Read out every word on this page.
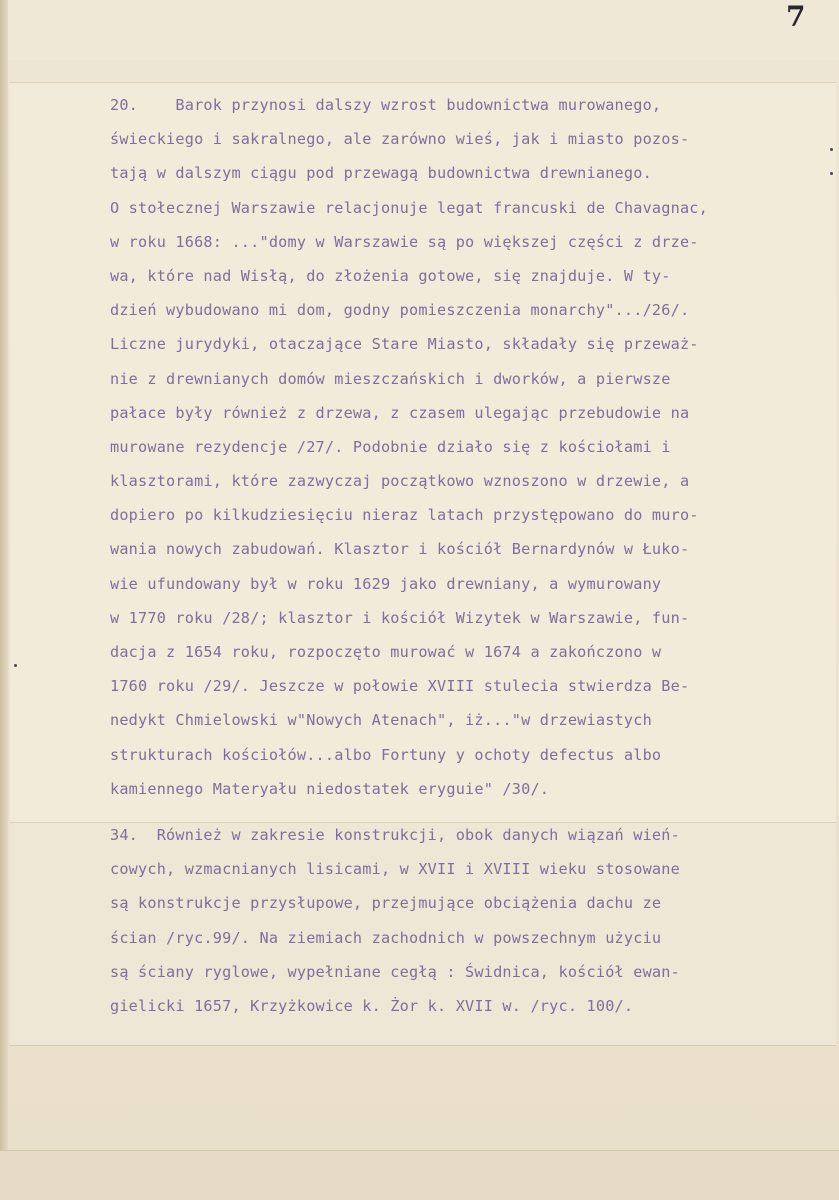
7

20.    Barok przynosi dalszy wzrost budownictwa murowanego,
świeckiego i sakralnego, ale zarówno wieś, jak i miasto pozos-
tają w dalszym ciągu pod przewagą budownictwa drewnianego.
O stołecznej Warszawie relacjonuje legat francuski de Chavagnac,
w roku 1668: ..."domy w Warszawie są po większej części z drze-
wa, które nad Wisłą, do złożenia gotowe, się znajduje. W ty-
dzień wybudowano mi dom, godny pomieszczenia monarchy".../26/.
Liczne jurydyki, otaczające Stare Miasto, składały się przeważ-
nie z drewnianych domów mieszczańskich i dworków, a pierwsze
pałace były również z drzewa, z czasem ulegając przebudowie na
murowane rezydencje /27/. Podobnie działo się z kościołami i
klasztorami, które zazwyczaj początkowo wznoszono w drzewie, a
dopiero po kilkudziesięciu nieraz latach przystępowano do muro-
wania nowych zabudowań. Klasztor i kościół Bernardynów w Łuko-
wie ufundowany był w roku 1629 jako drewniany, a wymurowany
w 1770 roku /28/; klasztor i kościół Wizytek w Warszawie, fun-
dacja z 1654 roku, rozpoczęto murować w 1674 a zakończono w
1760 roku /29/. Jeszcze w połowie XVIII stulecia stwierdza Be-
nedykt Chmielowski w"Nowych Atenach", iż..."w drzewiastych
strukturach kościołów...albo Fortuny y ochoty defectus albo
kamiennego Materyału niedostatek eryguie" /30/.
34.  Również w zakresie konstrukcji, obok danych wiązań wień-
cowych, wzmacnianych lisicami, w XVII i XVIII wieku stosowane
są konstrukcje przysłupowe, przejmujące obciążenia dachu ze
ścian /ryc.99/. Na ziemiach zachodnich w powszechnym użyciu
są ściany ryglowe, wypełniane cegłą : Świdnica, kościół ewan-
gielicki 1657, Krzyżkowice k. Żor k. XVII w. /ryc. 100/.
